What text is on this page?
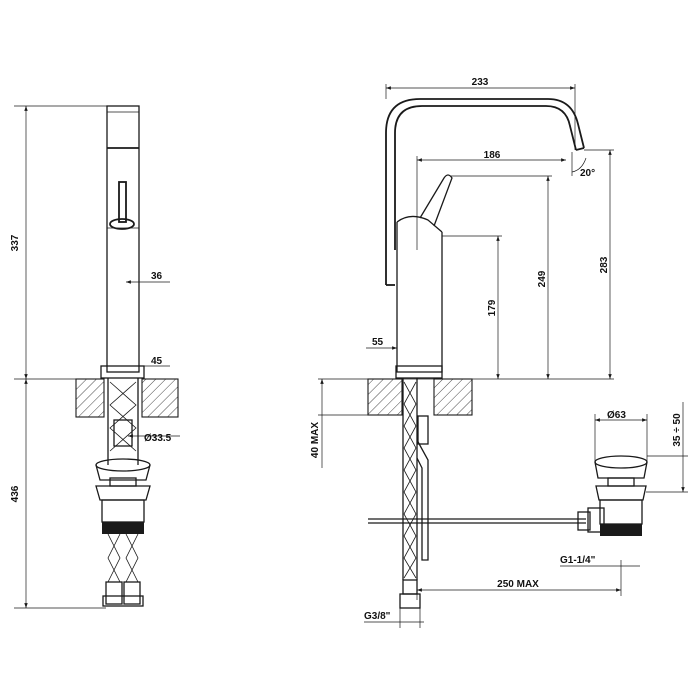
337
436
36
45
Ø33.5
233
186
20°
249
283
179
55
40 MAX
Ø63	35 ÷ 50
G1-1/4"
250 MAX
G3/8"
